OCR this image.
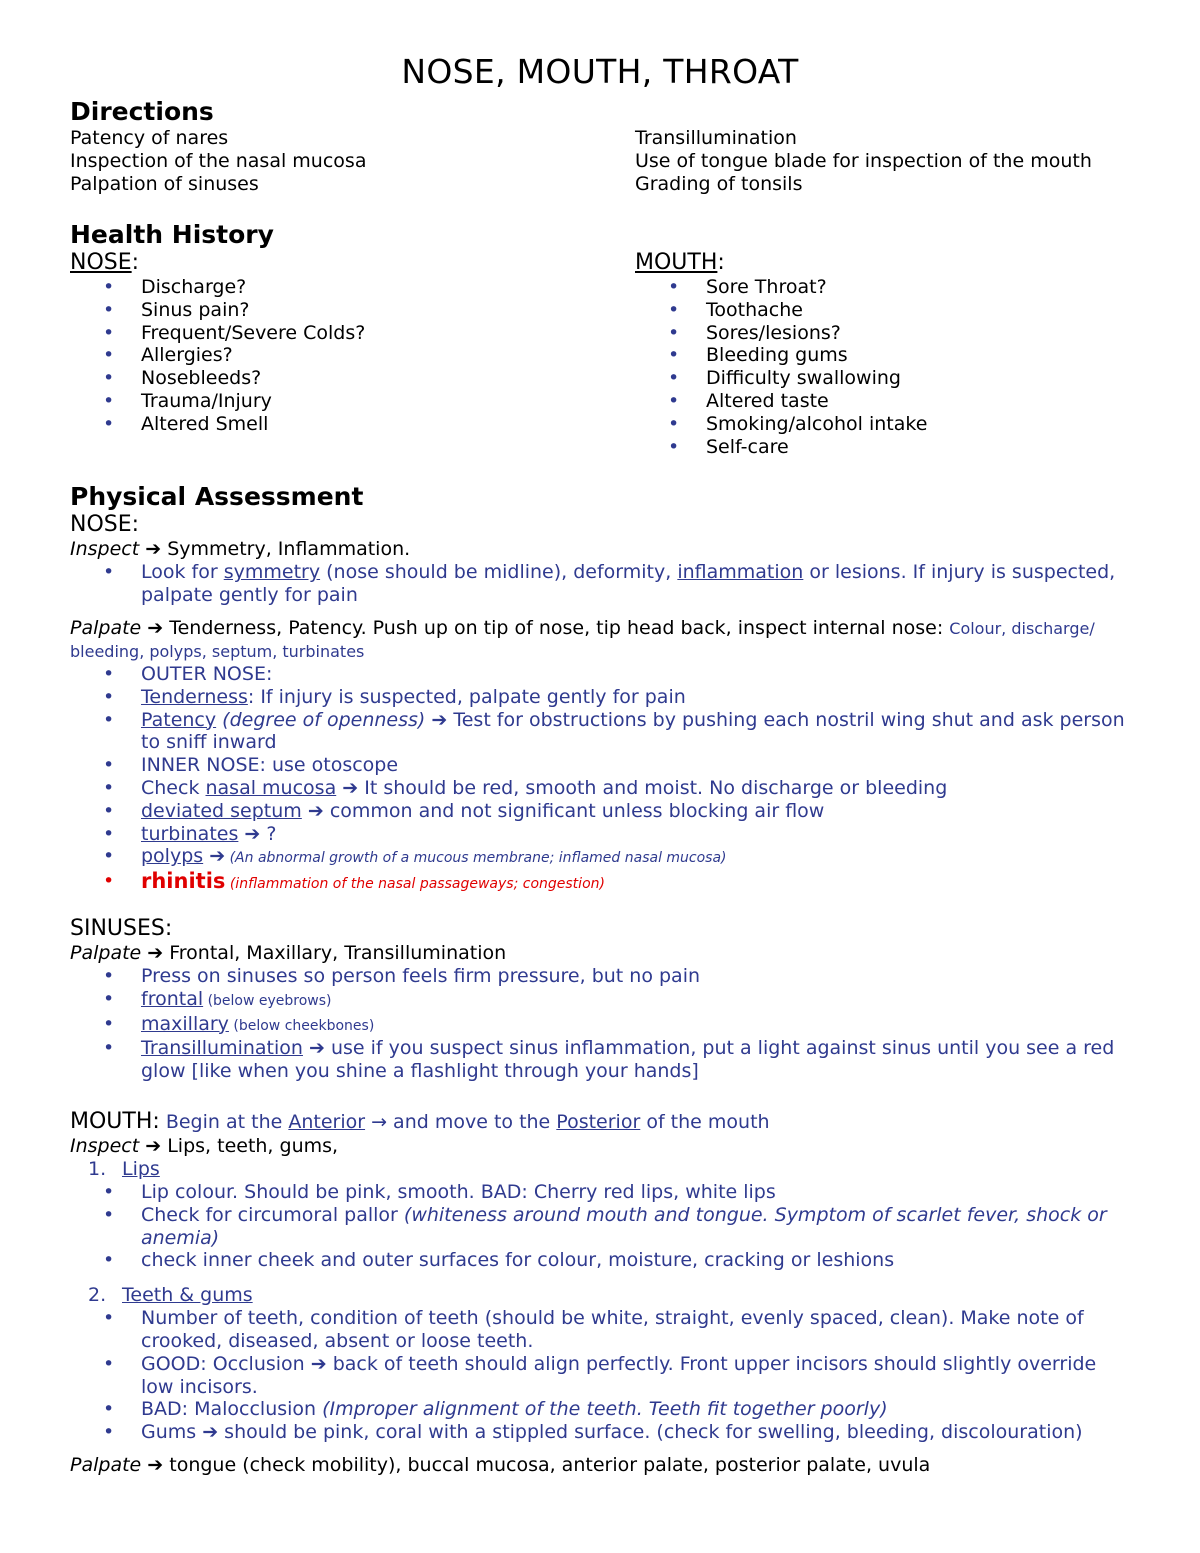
NOSE, MOUTH, THROAT
Directions
Patency of nares
Inspection of the nasal mucosa
Palpation of sinuses
Transillumination
Use of tongue blade for inspection of the mouth
Grading of tonsils
Health History
NOSE:
• Discharge?
• Sinus pain?
• Frequent/Severe Colds?
• Allergies?
• Nosebleeds?
• Trauma/Injury
• Altered Smell
MOUTH:
• Sore Throat?
• Toothache
• Sores/lesions?
• Bleeding gums
• Difficulty swallowing
• Altered taste
• Smoking/alcohol intake
• Self-care
Physical Assessment
NOSE:
Inspect ➔ Symmetry, Inflammation.
• Look for symmetry (nose should be midline), deformity, inflammation or lesions. If injury is suspected, palpate gently for pain
Palpate ➔ Tenderness, Patency. Push up on tip of nose, tip head back, inspect internal nose: Colour, discharge/ bleeding, polyps, septum, turbinates
• OUTER NOSE:
• Tenderness: If injury is suspected, palpate gently for pain
• Patency (degree of openness) ➔ Test for obstructions by pushing each nostril wing shut and ask person to sniff inward
• INNER NOSE: use otoscope
• Check nasal mucosa ➔ It should be red, smooth and moist. No discharge or bleeding
• deviated septum ➔ common and not significant unless blocking air flow
• turbinates ➔ ?
• polyps ➔ (An abnormal growth of a mucous membrane; inflamed nasal mucosa)
• rhinitis (inflammation of the nasal passageways; congestion)
SINUSES:
Palpate ➔ Frontal, Maxillary, Transillumination
• Press on sinuses so person feels firm pressure, but no pain
• frontal (below eyebrows)
• maxillary (below cheekbones)
• Transillumination ➔ use if you suspect sinus inflammation, put a light against sinus until you see a red glow [like when you shine a flashlight through your hands]
MOUTH: Begin at the Anterior → and move to the Posterior of the mouth
Inspect ➔ Lips, teeth, gums,
1. Lips
• Lip colour. Should be pink, smooth. BAD: Cherry red lips, white lips
• Check for circumoral pallor (whiteness around mouth and tongue. Symptom of scarlet fever, shock or anemia)
• check inner cheek and outer surfaces for colour, moisture, cracking or leshions
2. Teeth & gums
• Number of teeth, condition of teeth (should be white, straight, evenly spaced, clean). Make note of crooked, diseased, absent or loose teeth.
• GOOD: Occlusion ➔ back of teeth should align perfectly. Front upper incisors should slightly override low incisors.
• BAD: Malocclusion (Improper alignment of the teeth. Teeth fit together poorly)
• Gums ➔ should be pink, coral with a stippled surface. (check for swelling, bleeding, discolouration)
Palpate ➔ tongue (check mobility), buccal mucosa, anterior palate, posterior palate, uvula
